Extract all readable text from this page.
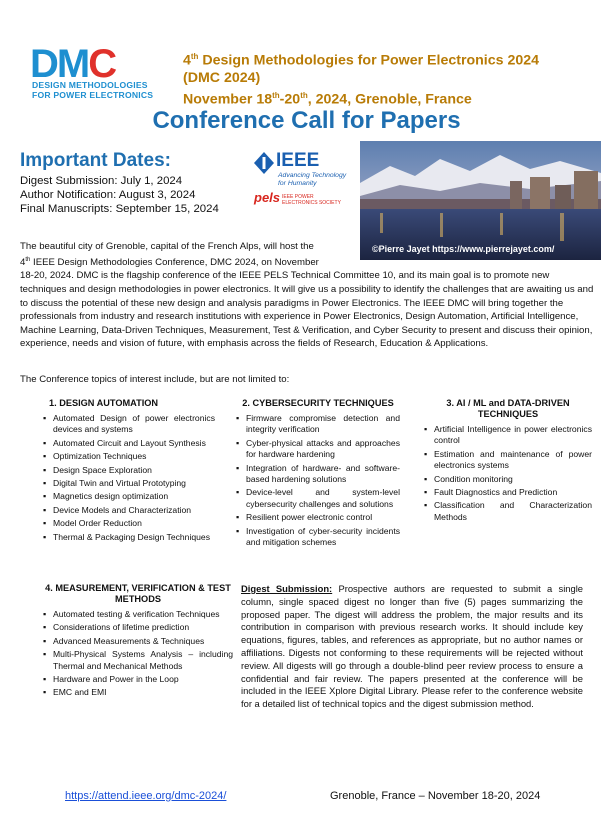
DMC
DESIGN METHODOLOGIES
FOR POWER ELECTRONICS
4th Design Methodologies for Power Electronics 2024
(DMC 2024)
November 18th-20th, 2024, Grenoble, France
Conference Call for Papers
Important Dates:
Digest Submission: July 1, 2024
Author Notification: August 3, 2024
Final Manuscripts: September 15, 2024
IEEE
Advancing Technology
for Humanity
pels IEEE POWER
ELECTRONICS SOCIETY
©Pierre Jayet https://www.pierrejayet.com/
The beautiful city of Grenoble, capital of the French Alps, will host the
4th IEEE Design Methodologies Conference, DMC 2024, on November
18-20, 2024. DMC is the flagship conference of the IEEE PELS Technical Committee 10, and its main goal is to promote new techniques and design methodologies in power electronics. It will give us a possibility to identify the challenges that are awaiting us and to discuss the potential of these new design and analysis paradigms in Power Electronics. The IEEE DMC will bring together the professionals from industry and research institutions with experience in Power Electronics, Design Automation, Artificial Intelligence, Machine Learning, Data-Driven Techniques, Measurement, Test & Verification, and Cyber Security to present and discuss their opinion, experience, needs and vision of future, with emphasis across the fields of Research, Education & Applications.
The Conference topics of interest include, but are not limited to:
1. DESIGN AUTOMATION
▪ Automated Design of power electronics devices and systems
▪ Automated Circuit and Layout Synthesis
▪ Optimization Techniques
▪ Design Space Exploration
▪ Digital Twin and Virtual Prototyping
▪ Magnetics design optimization
▪ Device Models and Characterization
▪ Model Order Reduction
▪ Thermal & Packaging Design Techniques
2. CYBERSECURITY TECHNIQUES
▪ Firmware compromise detection and integrity verification
▪ Cyber-physical attacks and approaches for hardware hardening
▪ Integration of hardware- and software-based hardening solutions
▪ Device-level and system-level cybersecurity challenges and solutions
▪ Resilient power electronic control
▪ Investigation of cyber-security incidents and mitigation schemes
3. AI / ML and DATA-DRIVEN TECHNIQUES
▪ Artificial Intelligence in power electronics control
▪ Estimation and maintenance of power electronics systems
▪ Condition monitoring
▪ Fault Diagnostics and Prediction
▪ Classification and Characterization Methods
4. MEASUREMENT, VERIFICATION & TEST METHODS
▪ Automated testing & verification Techniques
▪ Considerations of lifetime prediction
▪ Advanced Measurements & Techniques
▪ Multi-Physical Systems Analysis – including Thermal and Mechanical Methods
▪ Hardware and Power in the Loop
▪ EMC and EMI
Digest Submission: Prospective authors are requested to submit a single column, single spaced digest no longer than five (5) pages summarizing the proposed paper. The digest will address the problem, the major results and its contribution in comparison with previous research works. It should include key equations, figures, tables, and references as appropriate, but no author names or affiliations. Digests not conforming to these requirements will be rejected without review. All digests will go through a double-blind peer review process to ensure a confidential and fair review. The papers presented at the conference will be included in the IEEE Xplore Digital Library. Please refer to the conference website for a detailed list of technical topics and the digest submission method.
https://attend.ieee.org/dmc-2024/	Grenoble, France – November 18-20, 2024
